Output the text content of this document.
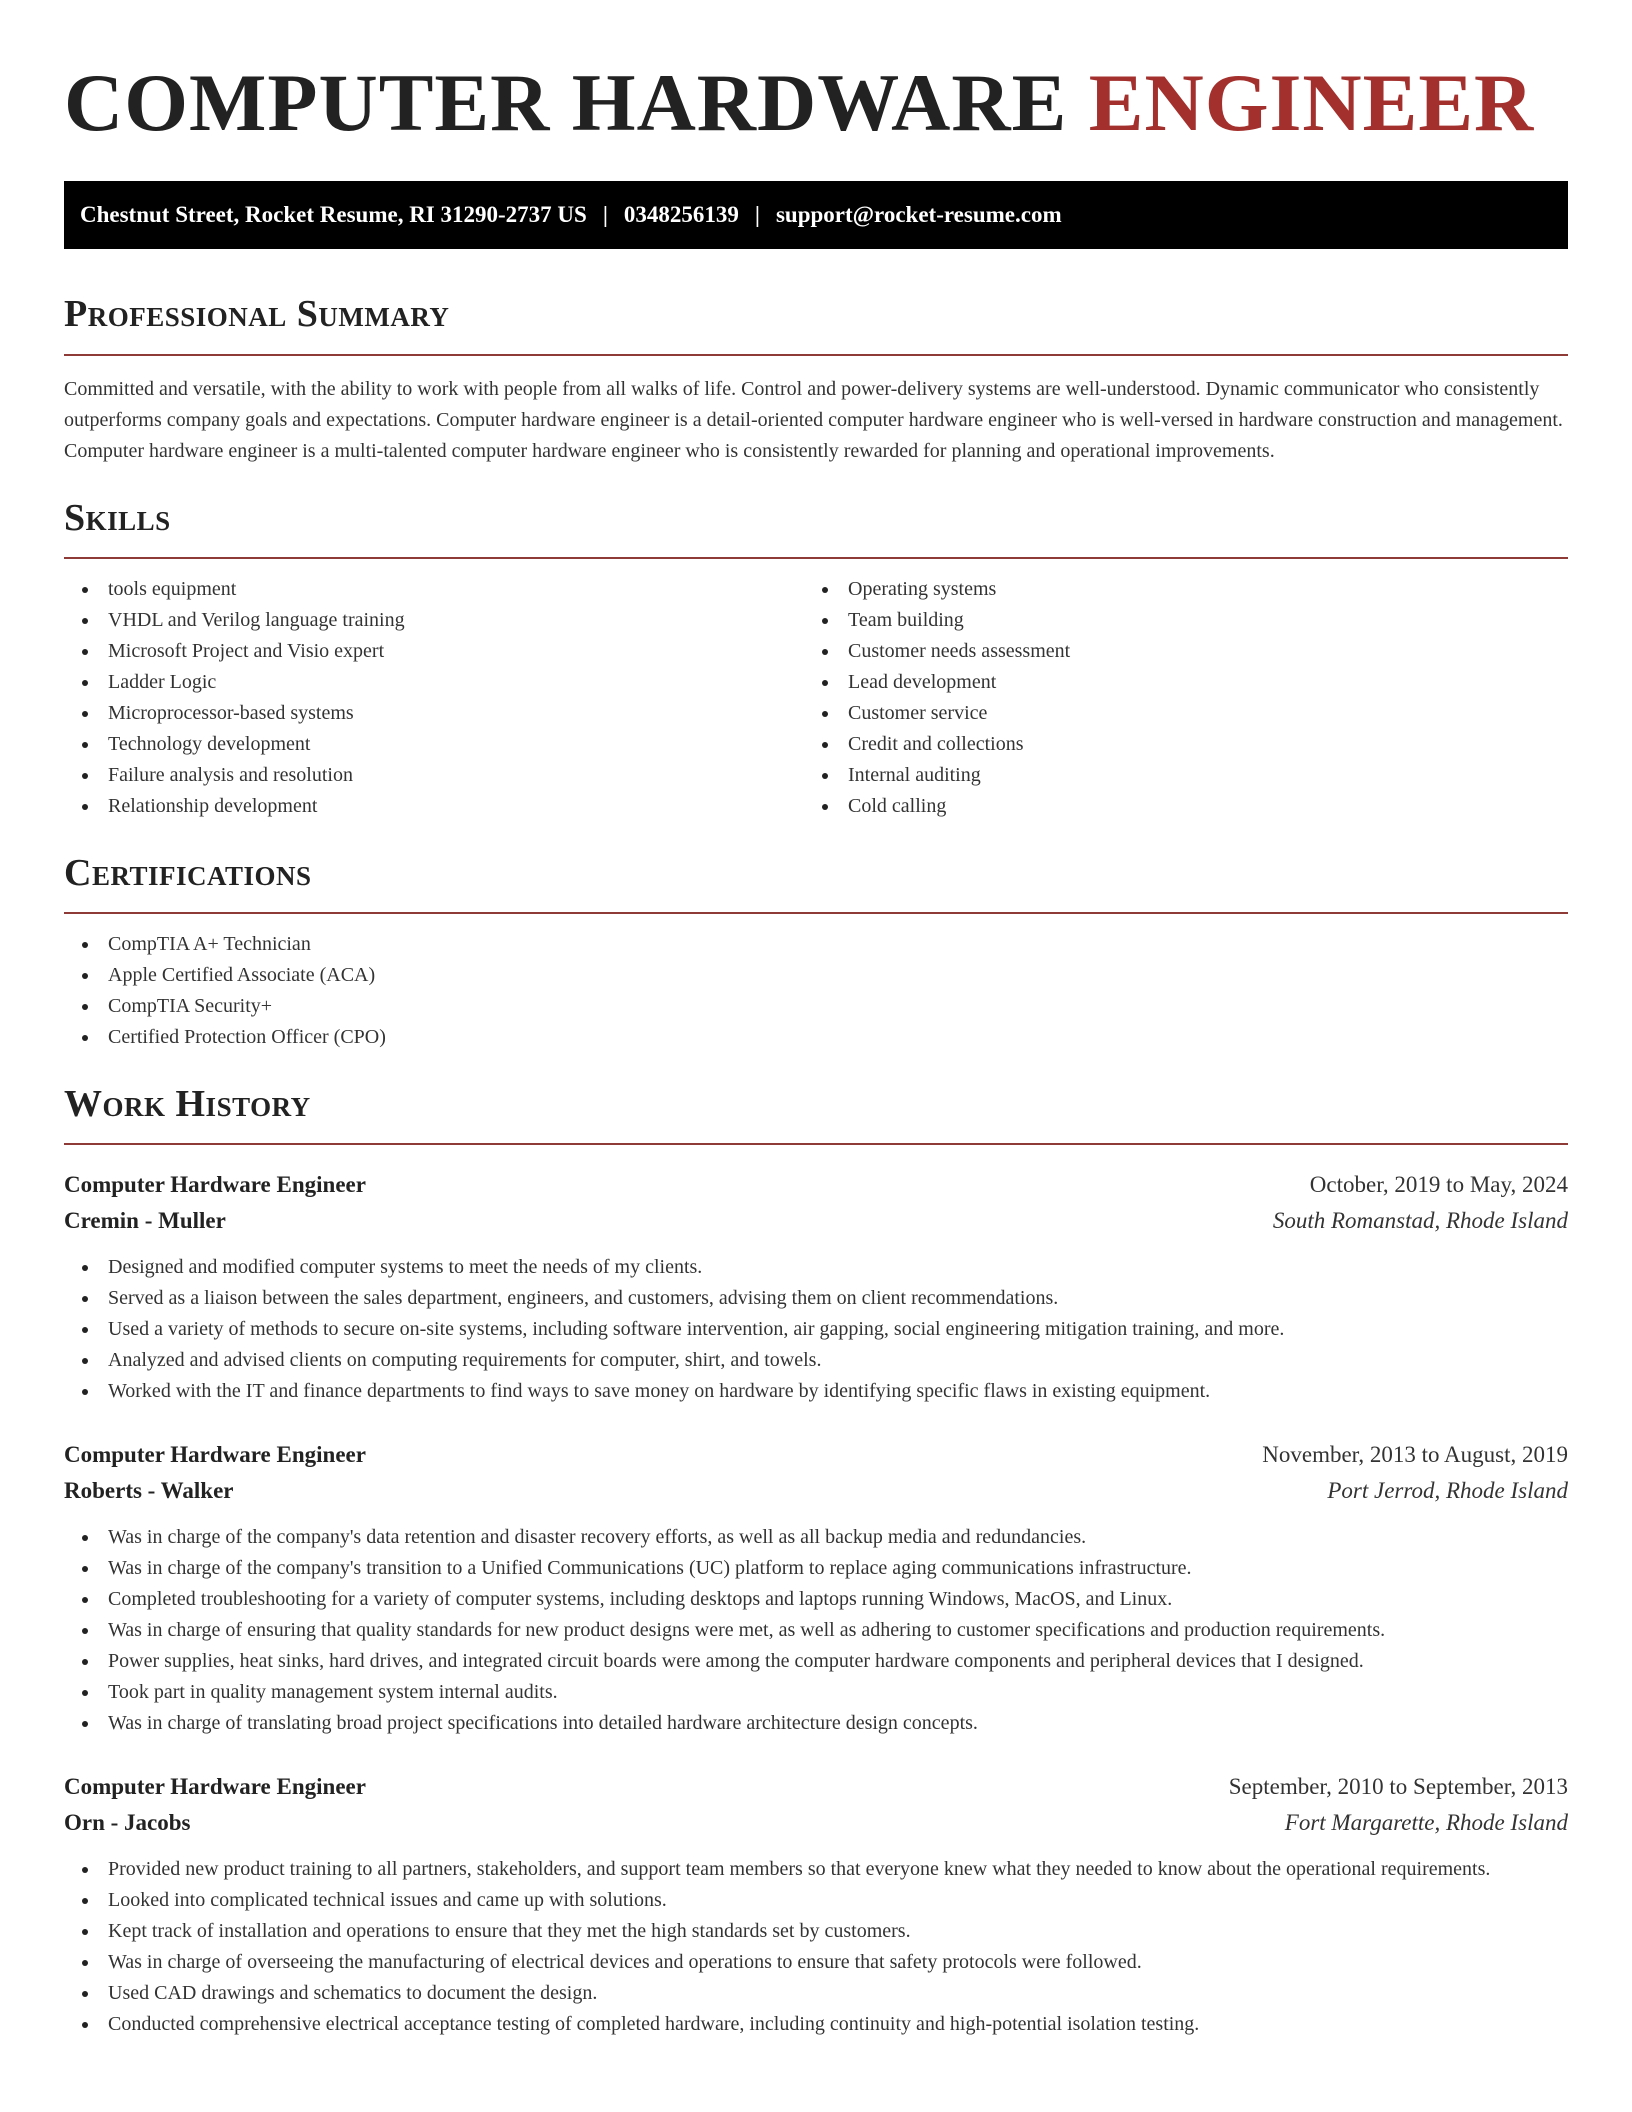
COMPUTER HARDWARE ENGINEER
Chestnut Street, Rocket Resume, RI 31290-2737 US | 0348256139 | support@rocket-resume.com
Professional Summary

Committed and versatile, with the ability to work with people from all walks of life. Control and power-delivery systems are well-understood. Dynamic communicator who consistently outperforms company goals and expectations. Computer hardware engineer is a detail-oriented computer hardware engineer who is well-versed in hardware construction and management. Computer hardware engineer is a multi-talented computer hardware engineer who is consistently rewarded for planning and operational improvements.

Skills
tools equipment
VHDL and Verilog language training
Microsoft Project and Visio expert
Ladder Logic
Microprocessor-based systems
Technology development
Failure analysis and resolution
Relationship development
Operating systems
Team building
Customer needs assessment
Lead development
Customer service
Credit and collections
Internal auditing
Cold calling
Certifications
CompTIA A+ Technician
Apple Certified Associate (ACA)
CompTIA Security+
Certified Protection Officer (CPO)
Work History
Computer Hardware Engineer	October, 2019 to May, 2024
Cremin - Muller	South Romanstad, Rhode Island
Designed and modified computer systems to meet the needs of my clients.
Served as a liaison between the sales department, engineers, and customers, advising them on client recommendations.
Used a variety of methods to secure on-site systems, including software intervention, air gapping, social engineering mitigation training, and more.
Analyzed and advised clients on computing requirements for computer, shirt, and towels.
Worked with the IT and finance departments to find ways to save money on hardware by identifying specific flaws in existing equipment.
Computer Hardware Engineer	November, 2013 to August, 2019
Roberts - Walker	Port Jerrod, Rhode Island
Was in charge of the company's data retention and disaster recovery efforts, as well as all backup media and redundancies.
Was in charge of the company's transition to a Unified Communications (UC) platform to replace aging communications infrastructure.
Completed troubleshooting for a variety of computer systems, including desktops and laptops running Windows, MacOS, and Linux.
Was in charge of ensuring that quality standards for new product designs were met, as well as adhering to customer specifications and production requirements.
Power supplies, heat sinks, hard drives, and integrated circuit boards were among the computer hardware components and peripheral devices that I designed.
Took part in quality management system internal audits.
Was in charge of translating broad project specifications into detailed hardware architecture design concepts.
Computer Hardware Engineer	September, 2010 to September, 2013
Orn - Jacobs	Fort Margarette, Rhode Island
Provided new product training to all partners, stakeholders, and support team members so that everyone knew what they needed to know about the operational requirements.
Looked into complicated technical issues and came up with solutions.
Kept track of installation and operations to ensure that they met the high standards set by customers.
Was in charge of overseeing the manufacturing of electrical devices and operations to ensure that safety protocols were followed.
Used CAD drawings and schematics to document the design.
Conducted comprehensive electrical acceptance testing of completed hardware, including continuity and high-potential isolation testing.
